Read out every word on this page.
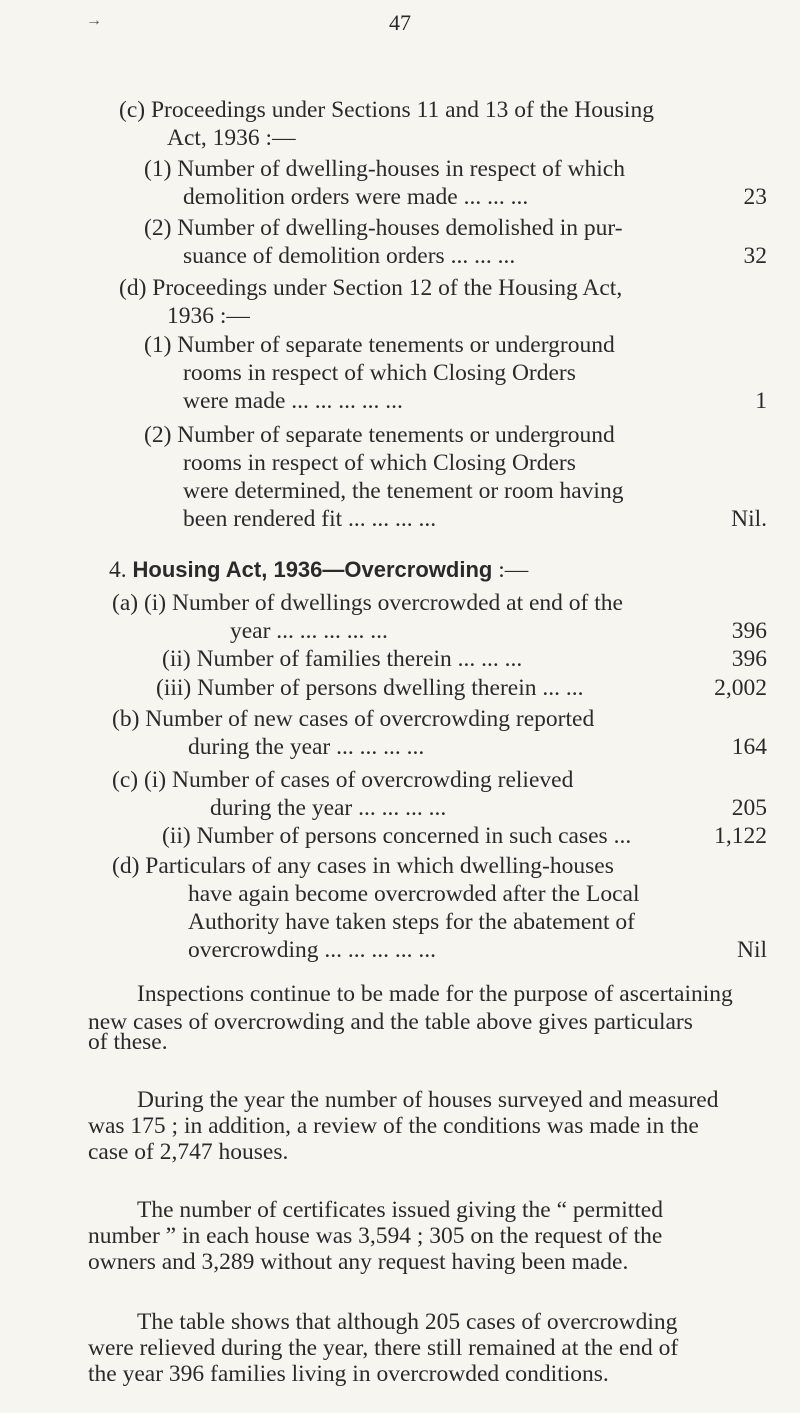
→	47
(c) Proceedings under Sections 11 and 13 of the Housing
Act, 1936 :—
(1) Number of dwelling-houses in respect of which
demolition orders were made ... ... ...	23
(2) Number of dwelling-houses demolished in pur-
suance of demolition orders ... ... ...	32
(d) Proceedings under Section 12 of the Housing Act,
1936 :—
(1) Number of separate tenements or underground
rooms in respect of which Closing Orders
were made ... ... ... ... ...	1
(2) Number of separate tenements or underground
rooms in respect of which Closing Orders
were determined, the tenement or room having
been rendered fit ... ... ... ...	Nil.
4. Housing Act, 1936—Overcrowding :—
(a) (i) Number of dwellings overcrowded at end of the
year ... ... ... ... ...	396
(ii) Number of families therein ... ... ...	396
(iii) Number of persons dwelling therein ... ...	2,002
(b) Number of new cases of overcrowding reported
during the year ... ... ... ...	164
(c) (i) Number of cases of overcrowding relieved
during the year ... ... ... ...	205
(ii) Number of persons concerned in such cases ...	1,122
(d) Particulars of any cases in which dwelling-houses
have again become overcrowded after the Local
Authority have taken steps for the abatement of
overcrowding ... ... ... ... ...	Nil
Inspections continue to be made for the purpose of ascertaining
new cases of overcrowding and the table above gives particulars
of these.
During the year the number of houses surveyed and measured
was 175 ; in addition, a review of the conditions was made in the
case of 2,747 houses.
The number of certificates issued giving the “ permitted
number ” in each house was 3,594 ; 305 on the request of the
owners and 3,289 without any request having been made.
The table shows that although 205 cases of overcrowding
were relieved during the year, there still remained at the end of
the year 396 families living in overcrowded conditions.
